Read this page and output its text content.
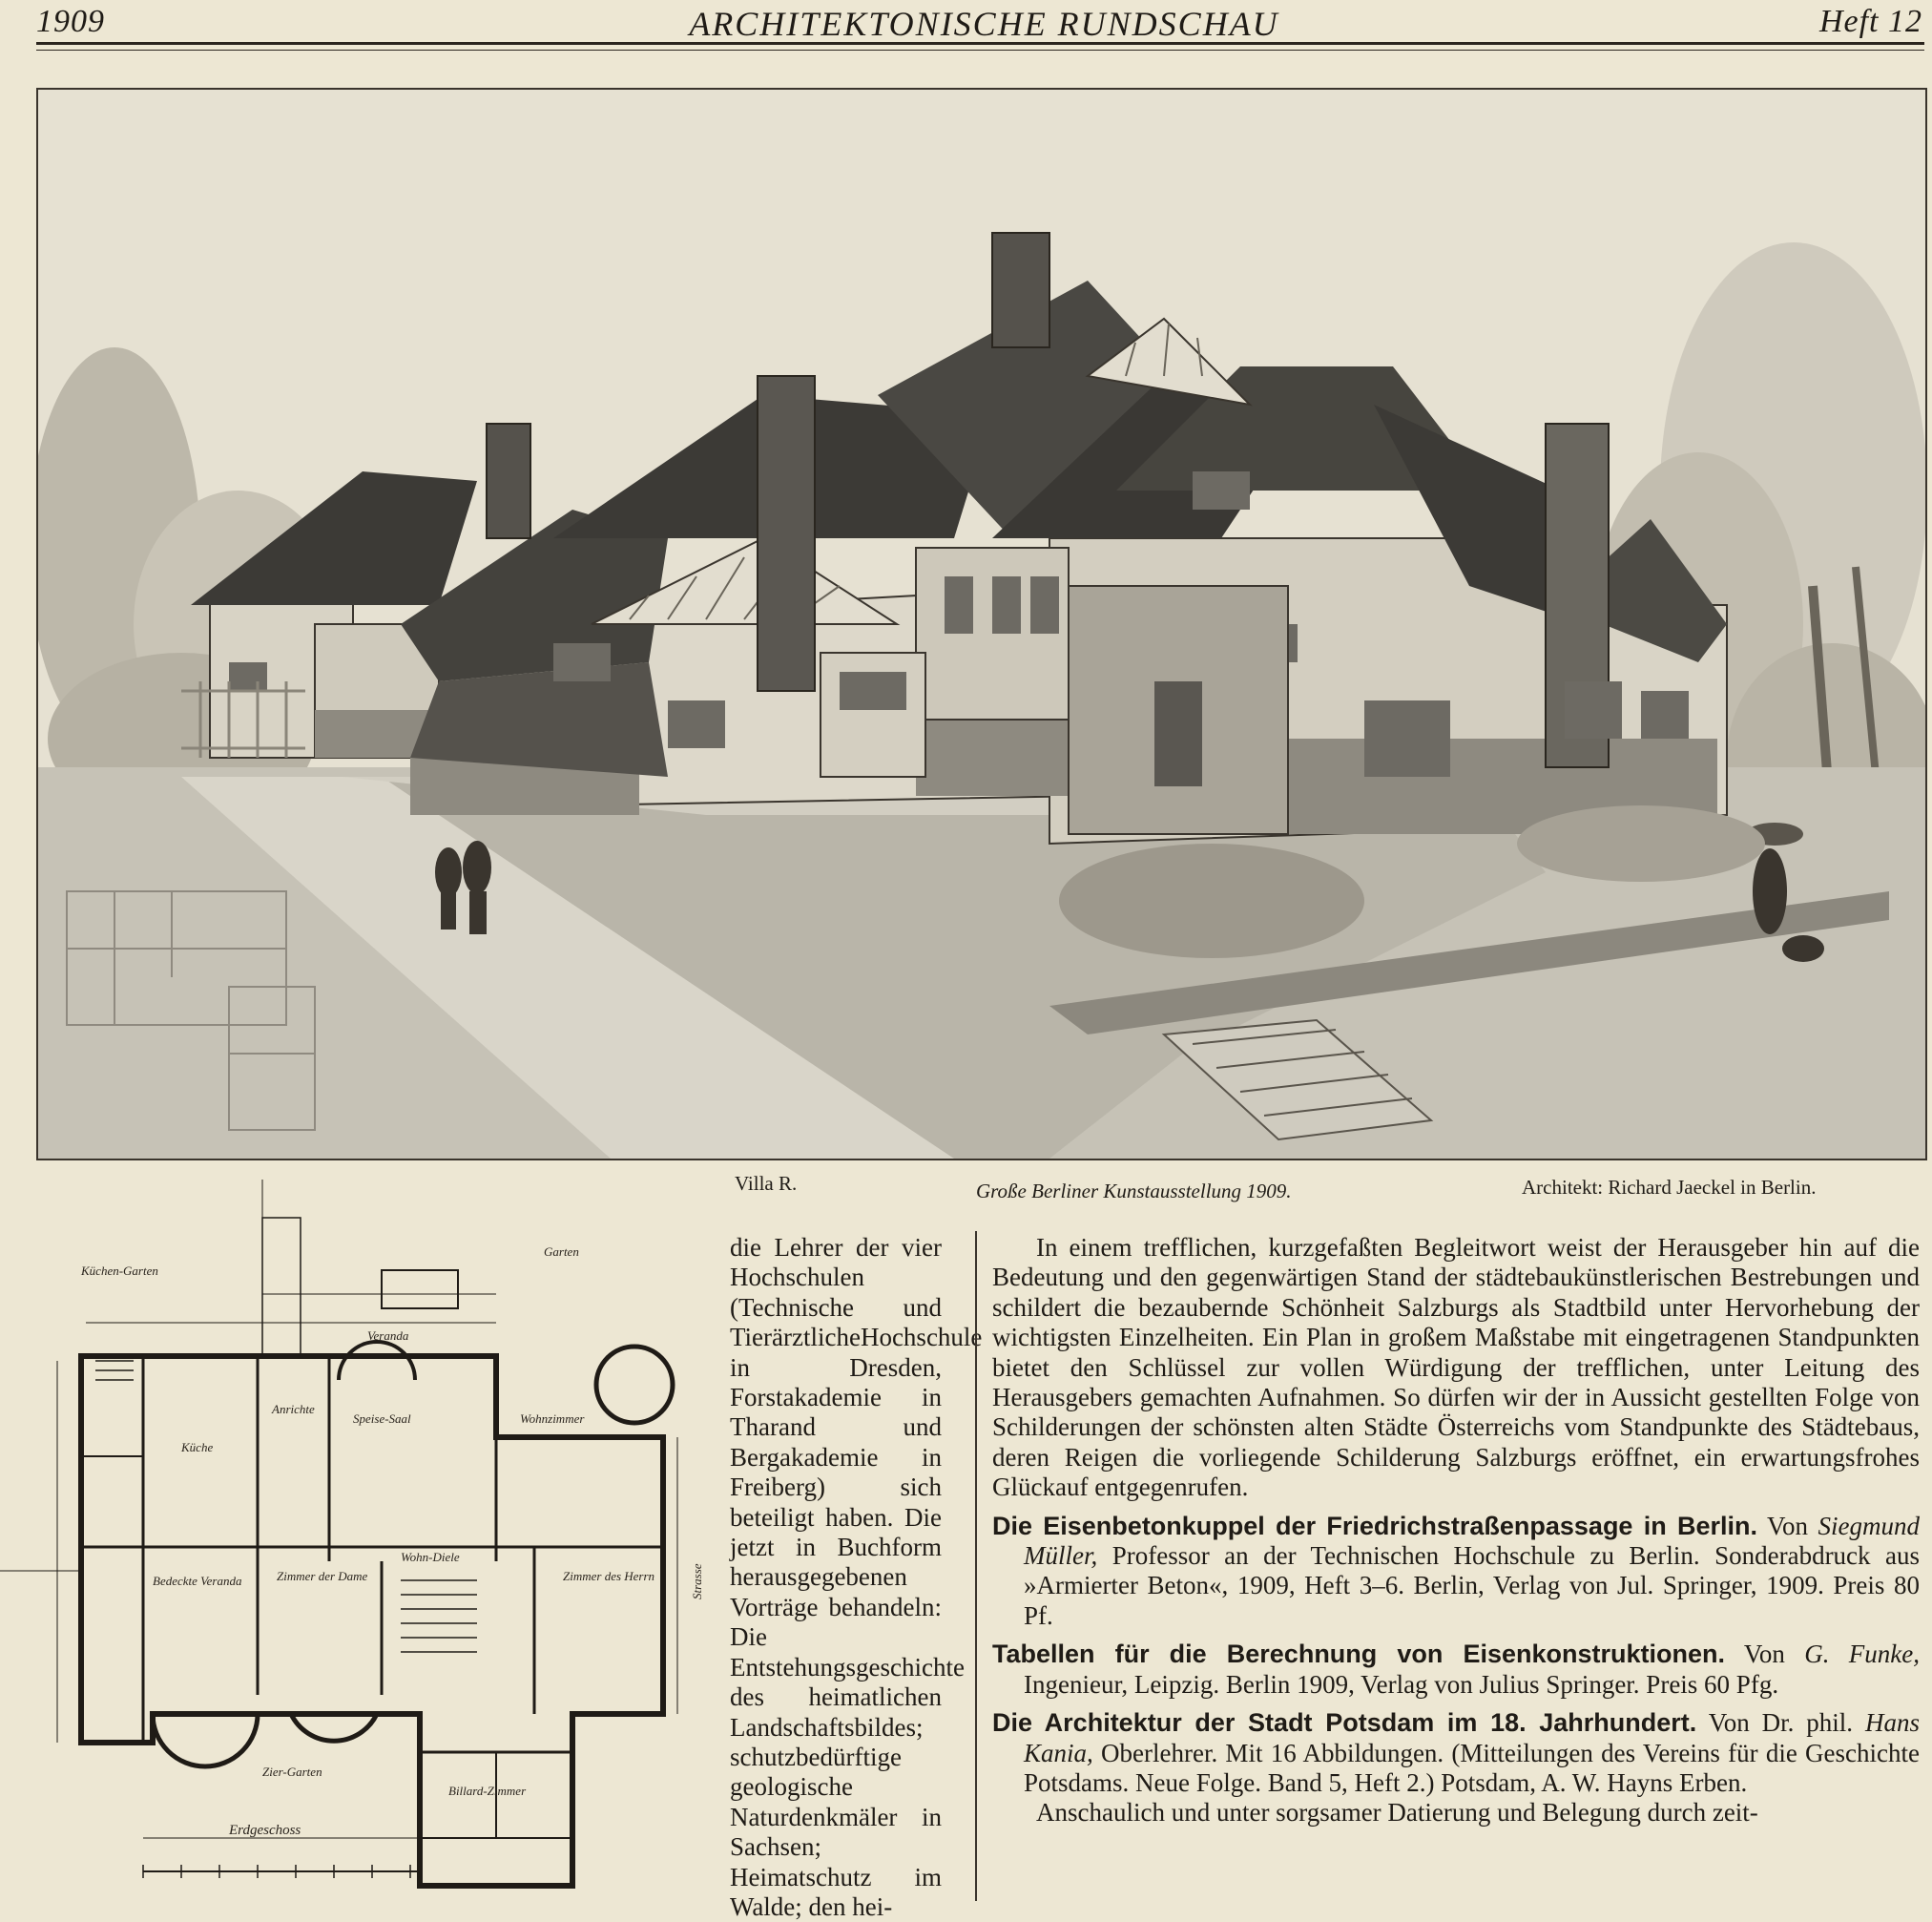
1909	ARCHITEKTONISCHE RUNDSCHAU	Heft 12
Villa R.	Große Berliner Kunstausstellung 1909.	Architekt: Richard Jaeckel in Berlin.
Küchen-Garten
Garten
Veranda
Speise-Saal	Wohnzimmer
Küche
Anrichte
Wohn-Diele
Zimmer der Dame	Zimmer des Herrn
Bedeckte Veranda
Zier-Garten
Billard-Zimmer
Erdgeschoss
Strasse

die Lehrer der vier Hochschulen (Technische und TierärztlicheHochschule in Dresden, Forstakademie in Tharand und Bergakademie in Freiberg) sich beteiligt haben. Die jetzt in Buchform herausgegebenen Vorträge behandeln: Die Entstehungsgeschichte des heimatlichen Landschaftsbildes; schutzbedürftige geologische Naturdenkmäler in Sachsen; Heimatschutz im Walde; den hei-

In einem trefflichen, kurzgefaßten Begleitwort weist der Herausgeber hin auf die Bedeutung und den gegenwärtigen Stand der städtebaukünstlerischen Bestrebungen und schildert die bezaubernde Schönheit Salzburgs als Stadtbild unter Hervorhebung der wichtigsten Einzelheiten. Ein Plan in großem Maßstabe mit eingetragenen Standpunkten bietet den Schlüssel zur vollen Würdigung der trefflichen, unter Leitung des Herausgebers gemachten Aufnahmen. So dürfen wir der in Aussicht gestellten Folge von Schilderungen der schönsten alten Städte Österreichs vom Standpunkte des Städtebaus, deren Reigen die vorliegende Schilderung Salzburgs eröffnet, ein erwartungsfrohes Glückauf entgegenrufen.

Die Eisenbetonkuppel der Friedrichstraßenpassage in Berlin. Von Siegmund Müller, Professor an der Technischen Hochschule zu Berlin. Sonderabdruck aus »Armierter Beton«, 1909, Heft 3–6. Berlin, Verlag von Jul. Springer, 1909. Preis 80 Pf.

Tabellen für die Berechnung von Eisenkonstruktionen. Von G. Funke, Ingenieur, Leipzig. Berlin 1909, Verlag von Julius Springer. Preis 60 Pfg.

Die Architektur der Stadt Potsdam im 18. Jahrhundert. Von Dr. phil. Hans Kania, Oberlehrer. Mit 16 Abbildungen. (Mitteilungen des Vereins für die Geschichte Potsdams. Neue Folge. Band 5, Heft 2.) Potsdam, A. W. Hayns Erben.

Anschaulich und unter sorgsamer Datierung und Belegung durch zeit-
